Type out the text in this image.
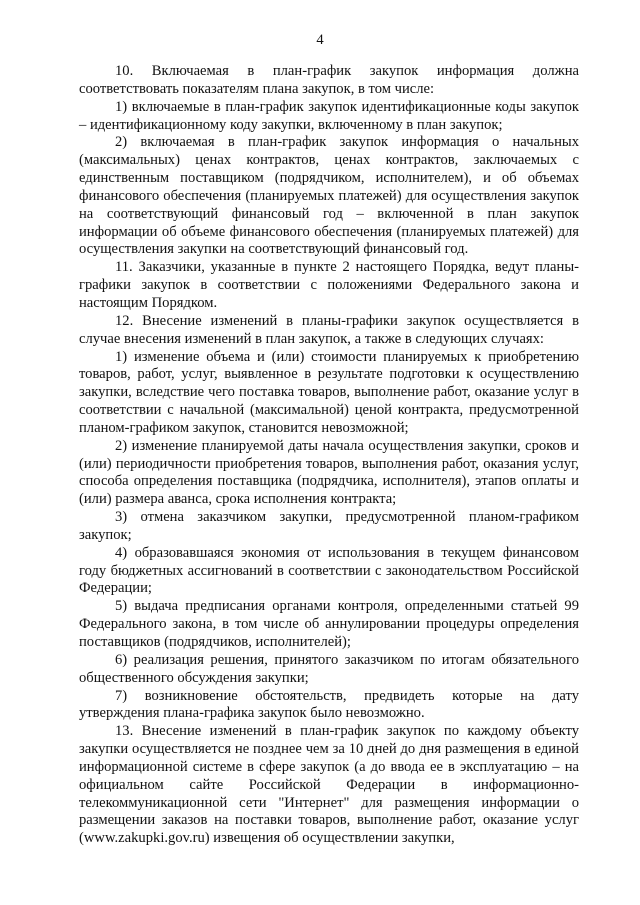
4

10. Включаемая в план-график закупок информация должна соответствовать показателям плана закупок, в том числе:

1) включаемые в план-график закупок идентификационные коды закупок – идентификационному коду закупки, включенному в план закупок;

2) включаемая в план-график закупок информация о начальных (максимальных) ценах контрактов, ценах контрактов, заключаемых с единственным поставщиком (подрядчиком, исполнителем), и об объемах финансового обеспечения (планируемых платежей) для осуществления закупок на соответствующий финансовый год – включенной в план закупок информации об объеме финансового обеспечения (планируемых платежей) для осуществления закупки на соответствующий финансовый год.

11. Заказчики, указанные в пункте 2 настоящего Порядка, ведут планы-графики закупок в соответствии с положениями Федерального закона и настоящим Порядком.

12. Внесение изменений в планы-графики закупок осуществляется в случае внесения изменений в план закупок, а также в следующих случаях:

1) изменение объема и (или) стоимости планируемых к приобретению товаров, работ, услуг, выявленное в результате подготовки к осуществлению закупки, вследствие чего поставка товаров, выполнение работ, оказание услуг в соответствии с начальной (максимальной) ценой контракта, предусмотренной планом-графиком закупок, становится невозможной;

2) изменение планируемой даты начала осуществления закупки, сроков и (или) периодичности приобретения товаров, выполнения работ, оказания услуг, способа определения поставщика (подрядчика, исполнителя), этапов оплаты и (или) размера аванса, срока исполнения контракта;

3) отмена заказчиком закупки, предусмотренной планом-графиком закупок;

4) образовавшаяся экономия от использования в текущем финансовом году бюджетных ассигнований в соответствии с законодательством Российской Федерации;

5) выдача предписания органами контроля, определенными статьей 99 Федерального закона, в том числе об аннулировании процедуры определения поставщиков (подрядчиков, исполнителей);

6) реализация решения, принятого заказчиком по итогам обязательного общественного обсуждения закупки;

7) возникновение обстоятельств, предвидеть которые на дату утверждения плана-графика закупок было невозможно.

13. Внесение изменений в план-график закупок по каждому объекту закупки осуществляется не позднее чем за 10 дней до дня размещения в единой информационной системе в сфере закупок (а до ввода ее в эксплуатацию – на официальном сайте Российской Федерации в информационно-телекоммуникационной сети "Интернет" для размещения информации о размещении заказов на поставки товаров, выполнение работ, оказание услуг (www.zakupki.gov.ru) извещения об осуществлении закупки,
